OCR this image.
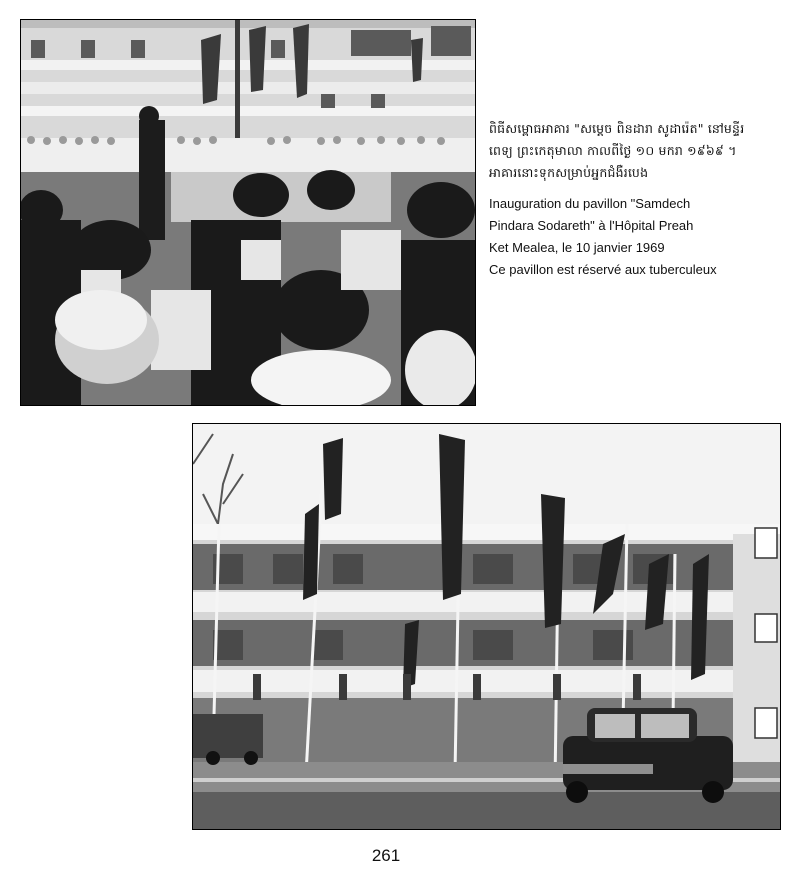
ពិធីសម្ពោធអាគារ "សម្ដេច ពិនដារា សូដារ៉េត" នៅមន្ទីរ
ពេទ្យ ព្រះកេតុមាលា កាលពីថ្ងៃ ១០ មករា ១៩៦៩ ។
អាគារនោះទុកសម្រាប់អ្នកជំងឺរបេង

Inauguration du pavillon "Samdech
Pindara Sodareth" à l'Hôpital Preah
Ket Mealea, le 10 janvier 1969
Ce pavillon est réservé aux tuberculeux

261
